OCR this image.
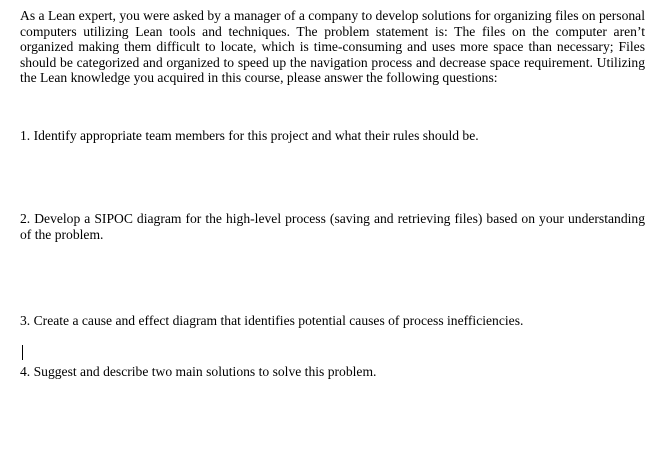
As a Lean expert, you were asked by a manager of a company to develop solutions for organizing files on personal computers utilizing Lean tools and techniques. The problem statement is: The files on the computer aren’t organized making them difficult to locate, which is time-consuming and uses more space than necessary; Files should be categorized and organized to speed up the navigation process and decrease space requirement. Utilizing the Lean knowledge you acquired in this course, please answer the following questions:

1. Identify appropriate team members for this project and what their rules should be.

2. Develop a SIPOC diagram for the high-level process (saving and retrieving files) based on your understanding of the problem.

3. Create a cause and effect diagram that identifies potential causes of process inefficiencies.

4. Suggest and describe two main solutions to solve this problem.
